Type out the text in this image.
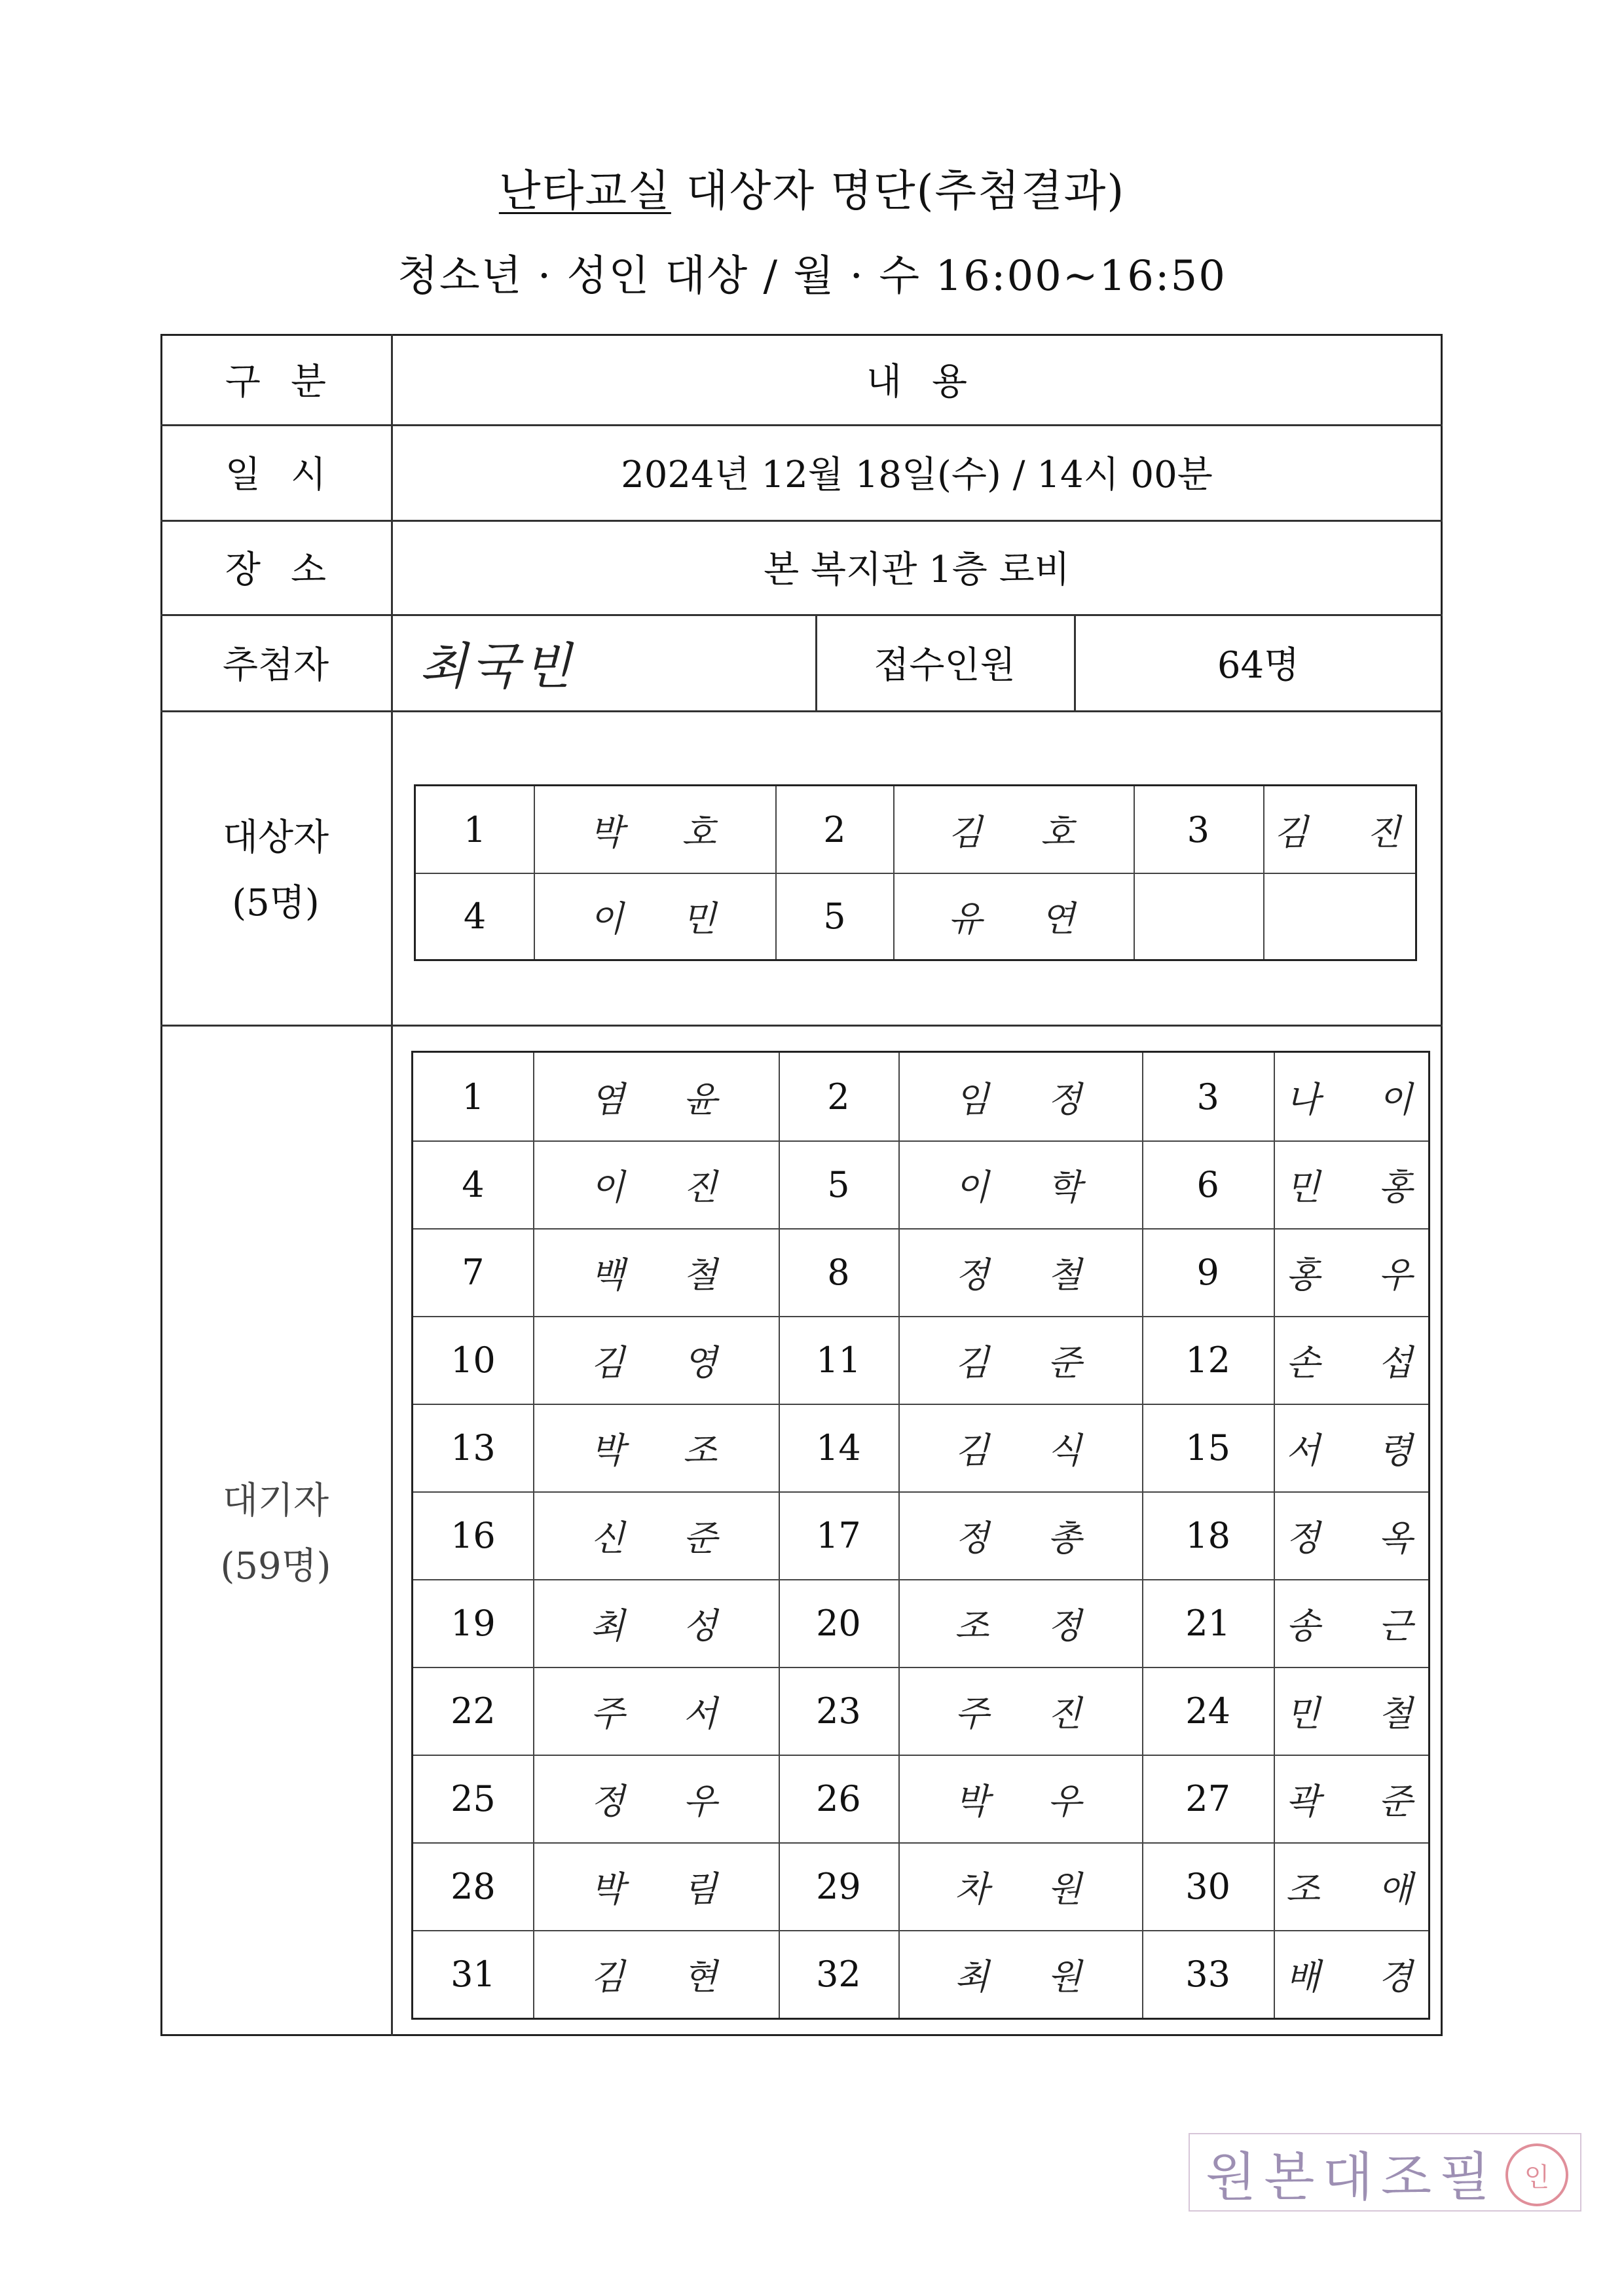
난타교실 대상자 명단(추첨결과)
청소년 · 성인 대상 / 월 · 수 16:00~16:50
구분	내용
일시	2024년 12월 18일(수) / 14시 00분
장소	본 복지관 1층 로비
추첨자	최국빈	접수인원	64명
대상자
(5명)
1	박 호	2	김 호	3	김 진
4	이 민	5	유 연
대기자
(59명)
1	염 윤	2	임 정	3	나 이
4	이 진	5	이 학	6	민 홍
7	백 철	8	정 철	9	홍 우
10	김 영	11	김 준	12	손 섭
13	박 조	14	김 식	15	서 령
16	신 준	17	정 총	18	정 옥
19	최 성	20	조 정	21	송 근
22	주 서	23	주 진	24	민 철
25	정 우	26	박 우	27	곽 준
28	박 림	29	차 원	30	조 애
31	김 현	32	최 원	33	배 경
원본대조필	인
